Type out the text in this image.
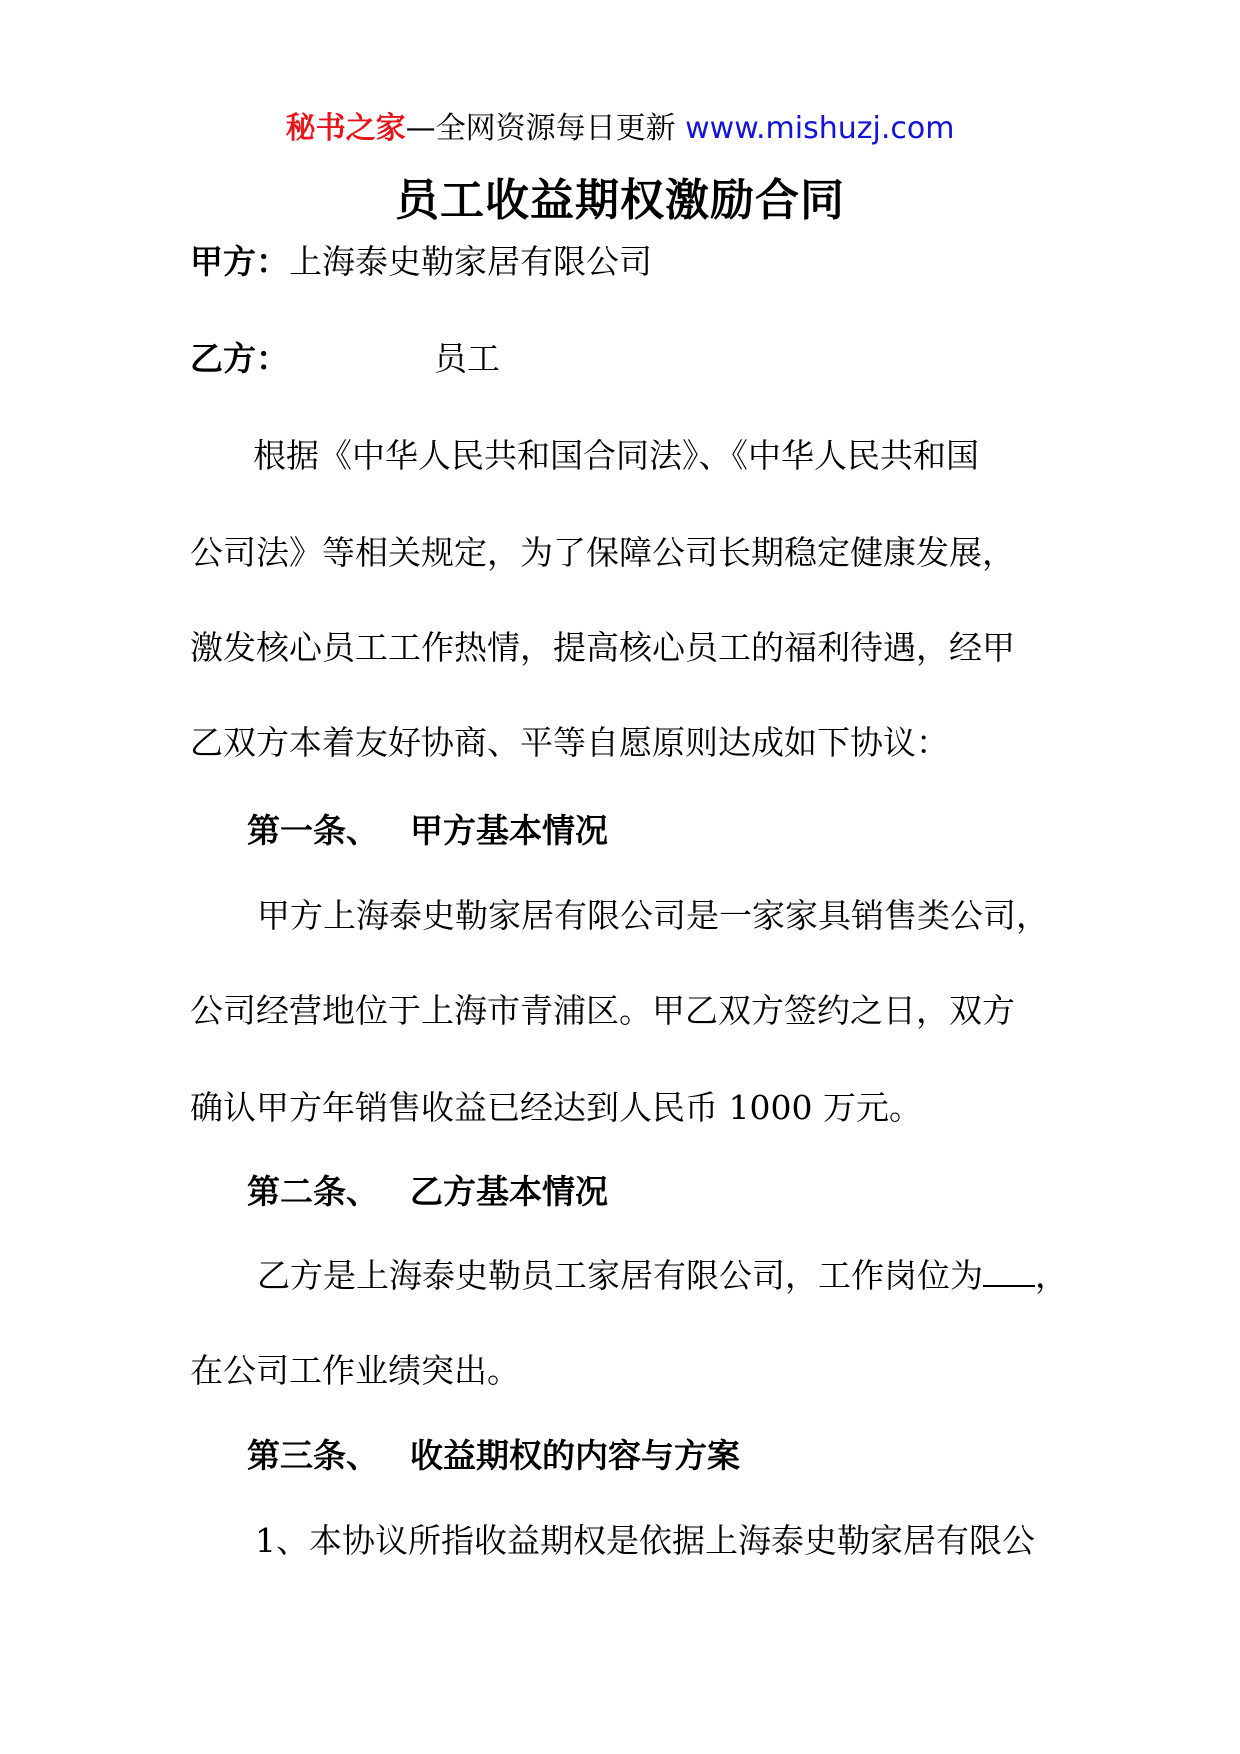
秘书之家—全网资源每日更新 www.mishuzj.com
员工收益期权激励合同
甲方：上海泰史勒家居有限公司
乙方：	员工
根据《中华人民共和国合同法》、《中华人民共和国
公司法》等相关规定，为了保障公司长期稳定健康发展，
激发核心员工工作热情，提高核心员工的福利待遇，经甲
乙双方本着友好协商、平等自愿原则达成如下协议：
第一条、 甲方基本情况
甲方上海泰史勒家居有限公司是一家家具销售类公司，
公司经营地位于上海市青浦区。甲乙双方签约之日，双方
确认甲方年销售收益已经达到人民币 1000 万元。
第二条、 乙方基本情况
乙方是上海泰史勒员工家居有限公司，工作岗位为 ，
在公司工作业绩突出。
第三条、 收益期权的内容与方案
1、本协议所指收益期权是依据上海泰史勒家居有限公
